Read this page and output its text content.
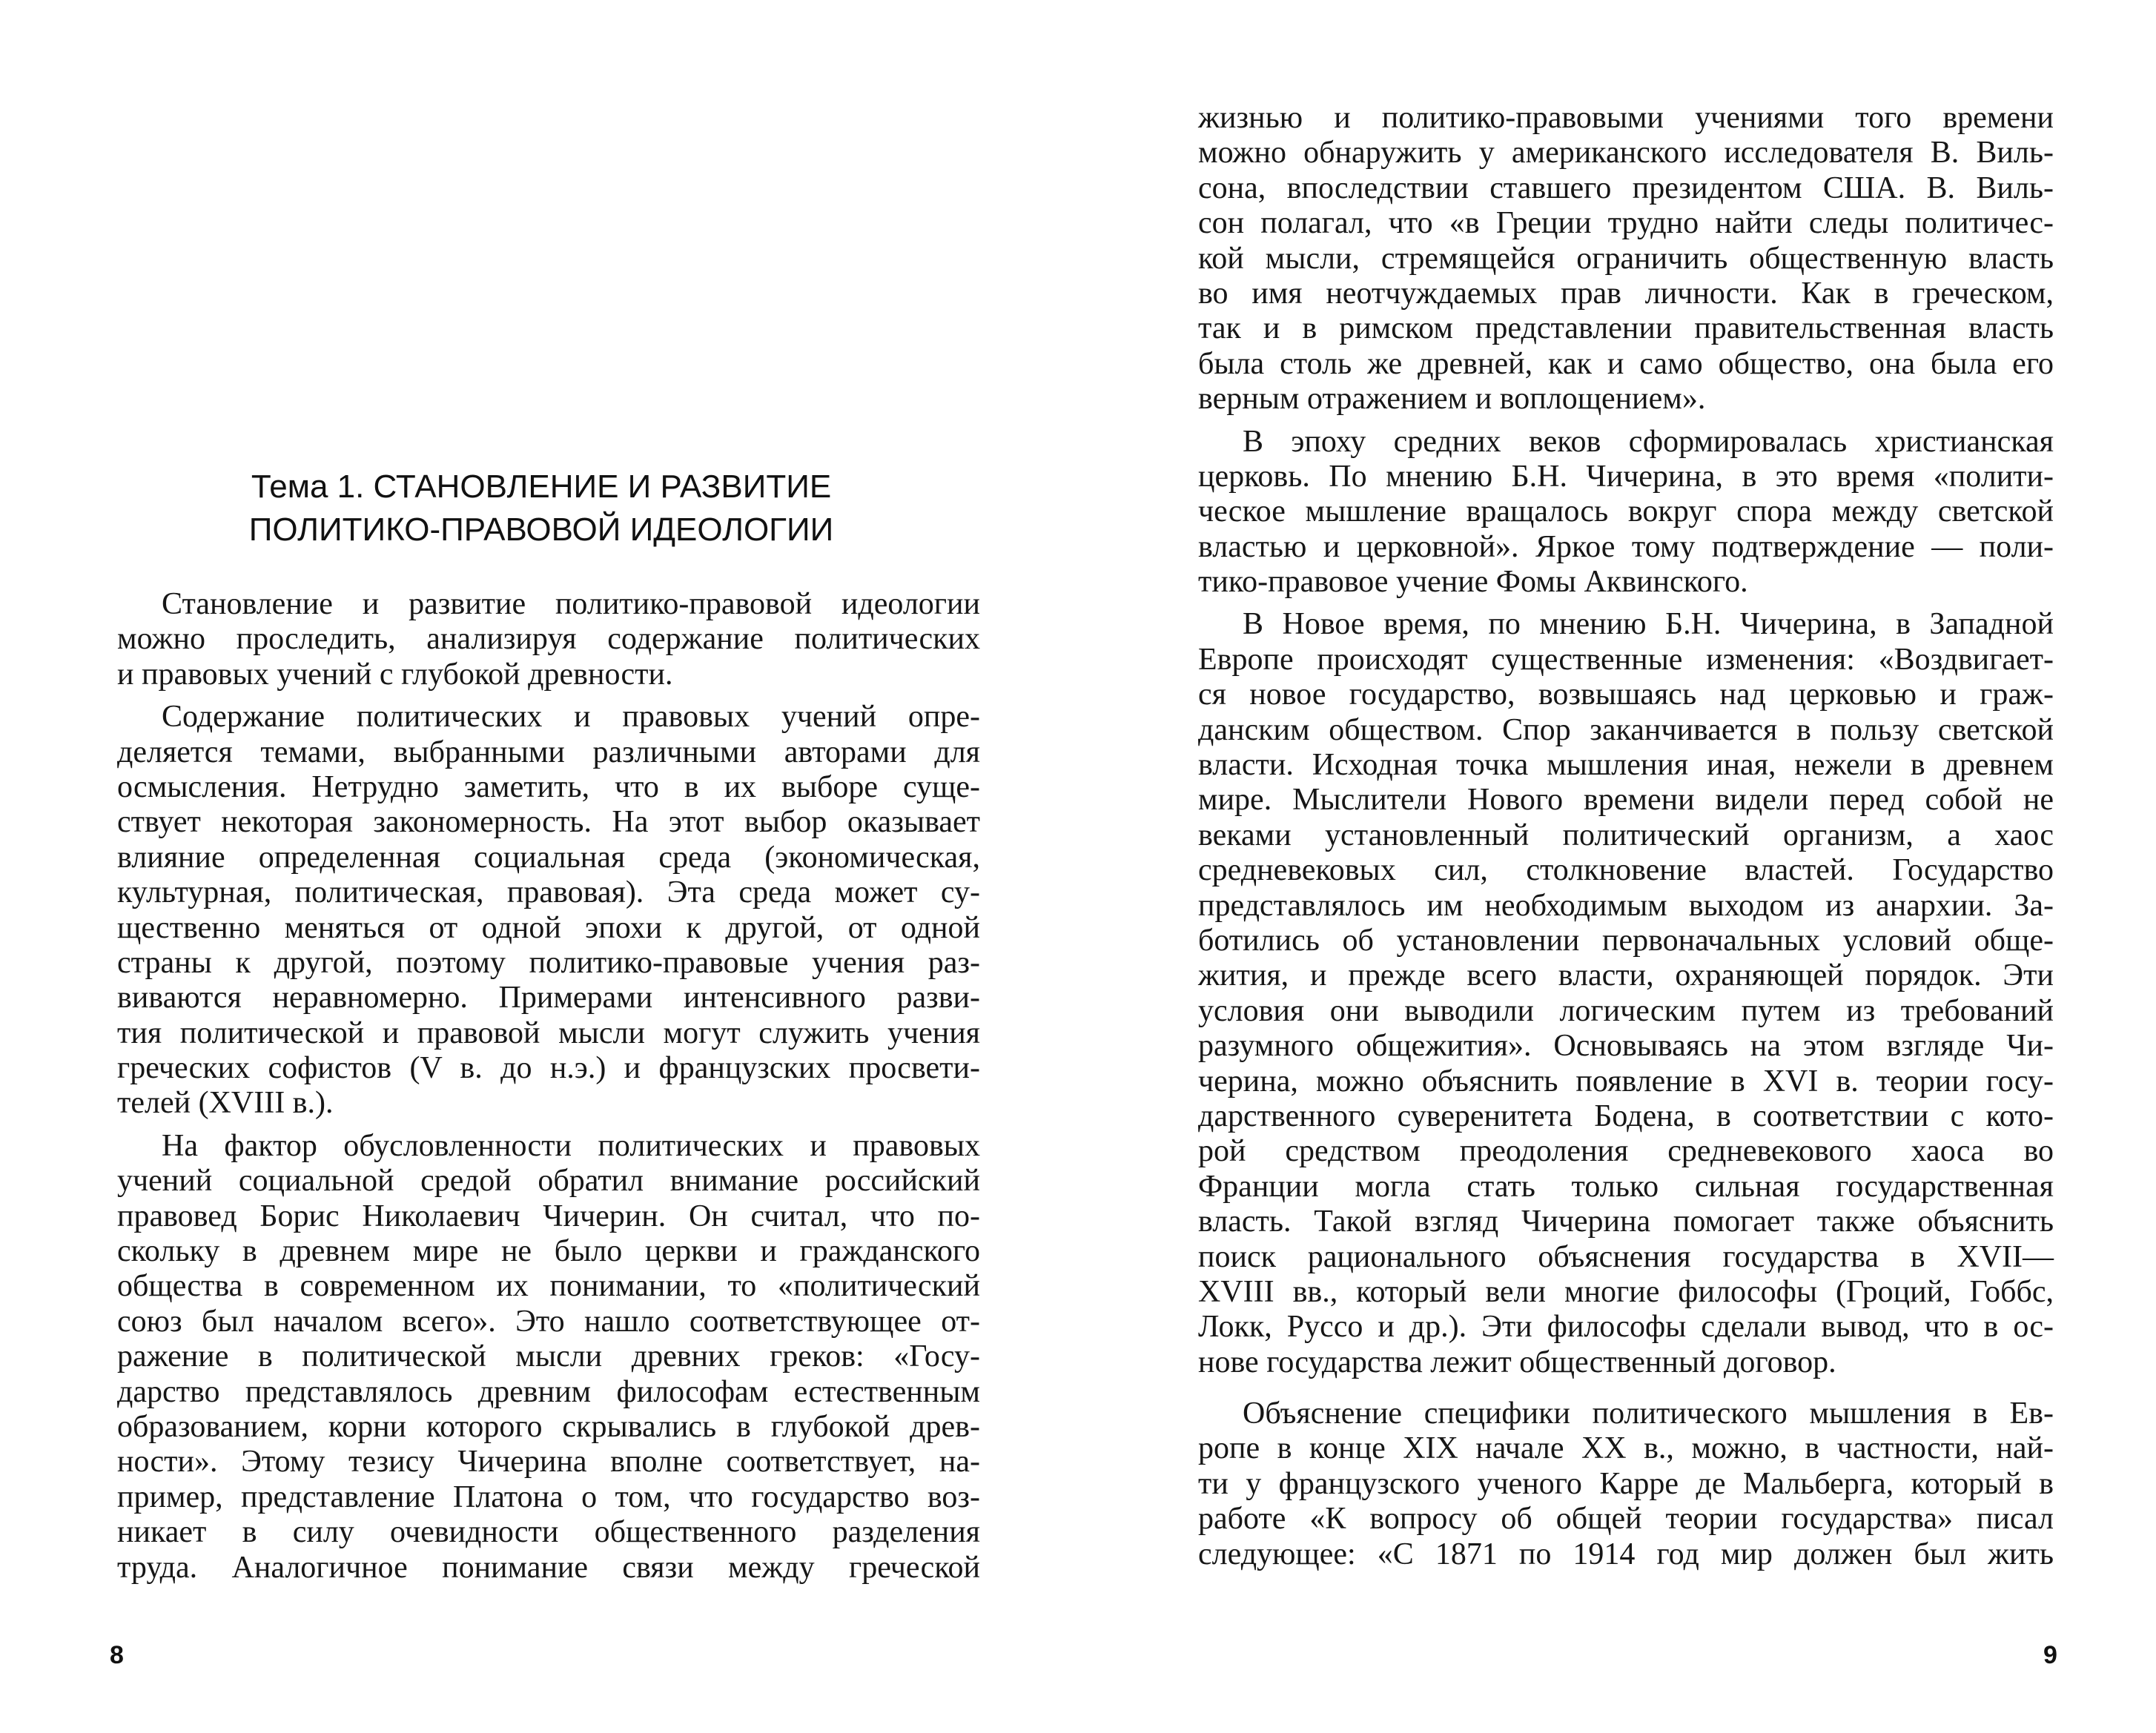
Тема 1. СТАНОВЛЕНИЕ И РАЗВИТИЕ
ПОЛИТИКО-ПРАВОВОЙ ИДЕОЛОГИИ
Становление и развитие политико-правовой идеологии
можно проследить, анализируя содержание политических
и правовых учений с глубокой древности.
Содержание политических и правовых учений опре-
деляется темами, выбранными различными авторами для
осмысления. Нетрудно заметить, что в их выборе суще-
ствует некоторая закономерность. На этот выбор оказывает
влияние определенная социальная среда (экономическая,
культурная, политическая, правовая). Эта среда может су-
щественно меняться от одной эпохи к другой, от одной
страны к другой, поэтому политико-правовые учения раз-
виваются неравномерно. Примерами интенсивного разви-
тия политической и правовой мысли могут служить учения
греческих софистов (V в. до н.э.) и французских просвети-
телей (XVIII в.).
На фактор обусловленности политических и правовых
учений социальной средой обратил внимание российский
правовед Борис Николаевич Чичерин. Он считал, что по-
скольку в древнем мире не было церкви и гражданского
общества в современном их понимании, то «политический
союз был началом всего». Это нашло соответствующее от-
ражение в политической мысли древних греков: «Госу-
дарство представлялось древним философам естественным
образованием, корни которого скрывались в глубокой древ-
ности». Этому тезису Чичерина вполне соответствует, на-
пример, представление Платона о том, что государство воз-
никает в силу очевидности общественного разделения
труда. Аналогичное понимание связи между греческой
8
жизнью и политико-правовыми учениями того времени
можно обнаружить у американского исследователя В. Виль-
сона, впоследствии ставшего президентом США. В. Виль-
сон полагал, что «в Греции трудно найти следы политичес-
кой мысли, стремящейся ограничить общественную власть
во имя неотчуждаемых прав личности. Как в греческом,
так и в римском представлении правительственная власть
была столь же древней, как и само общество, она была его
верным отражением и воплощением».
В эпоху средних веков сформировалась христианская
церковь. По мнению Б.Н. Чичерина, в это время «полити-
ческое мышление вращалось вокруг спора между светской
властью и церковной». Яркое тому подтверждение — поли-
тико-правовое учение Фомы Аквинского.
В Новое время, по мнению Б.Н. Чичерина, в Западной
Европе происходят существенные изменения: «Воздвигает-
ся новое государство, возвышаясь над церковью и граж-
данским обществом. Спор заканчивается в пользу светской
власти. Исходная точка мышления иная, нежели в древнем
мире. Мыслители Нового времени видели перед собой не
веками установленный политический организм, а хаос
средневековых сил, столкновение властей. Государство
представлялось им необходимым выходом из анархии. За-
ботились об установлении первоначальных условий обще-
жития, и прежде всего власти, охраняющей порядок. Эти
условия они выводили логическим путем из требований
разумного общежития». Основываясь на этом взгляде Чи-
черина, можно объяснить появление в XVI в. теории госу-
дарственного суверенитета Бодена, в соответствии с кото-
рой средством преодоления средневекового хаоса во
Франции могла стать только сильная государственная
власть. Такой взгляд Чичерина помогает также объяснить
поиск рационального объяснения государства в XVII—
XVIII вв., который вели многие философы (Гроций, Гоббс,
Локк, Руссо и др.). Эти философы сделали вывод, что в ос-
нове государства лежит общественный договор.
Объяснение специфики политического мышления в Ев-
ропе в конце XIX начале XX в., можно, в частности, най-
ти у французского ученого Карре де Мальберга, который в
работе «К вопросу об общей теории государства» писал
следующее: «С 1871 по 1914 год мир должен был жить
9
